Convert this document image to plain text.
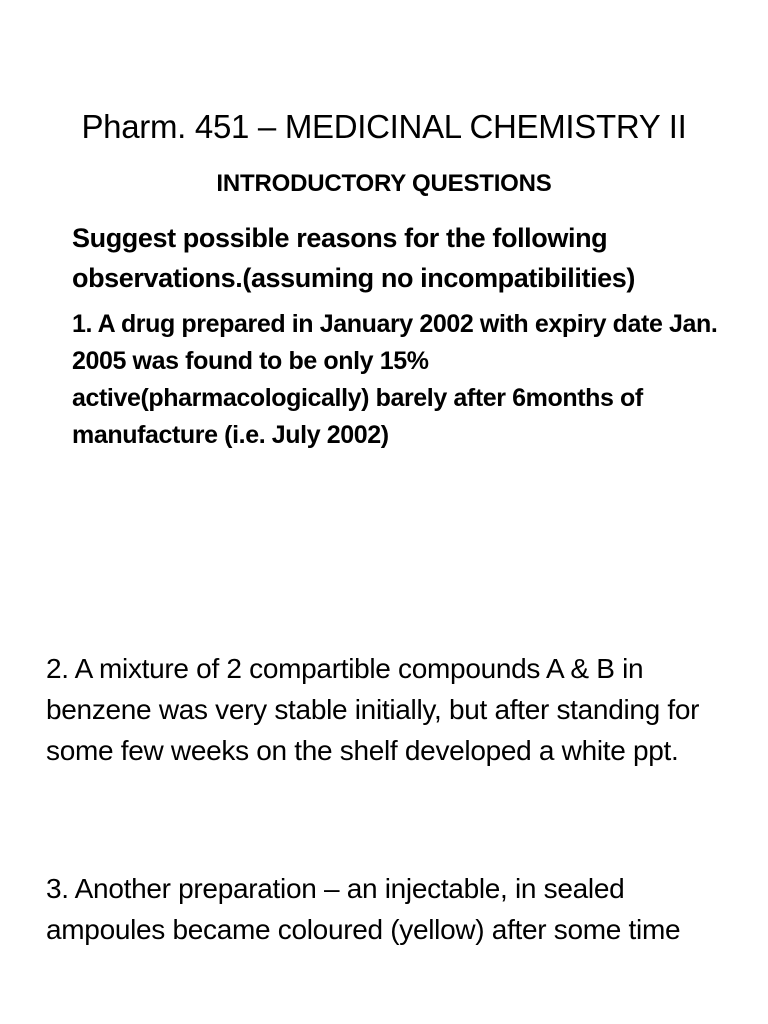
Pharm. 451 – MEDICINAL CHEMISTRY II
INTRODUCTORY QUESTIONS

Suggest possible reasons for the following observations.(assuming no incompatibilities)

1. A drug prepared in January 2002 with expiry date Jan. 2005 was found to be only 15% active(pharmacologically) barely after 6months of manufacture (i.e. July 2002)

2. A mixture of 2 compartible compounds A & B in benzene was very stable initially, but after standing for some few weeks on the shelf developed a white ppt.

3. Another preparation – an injectable, in sealed ampoules became coloured (yellow) after some time
